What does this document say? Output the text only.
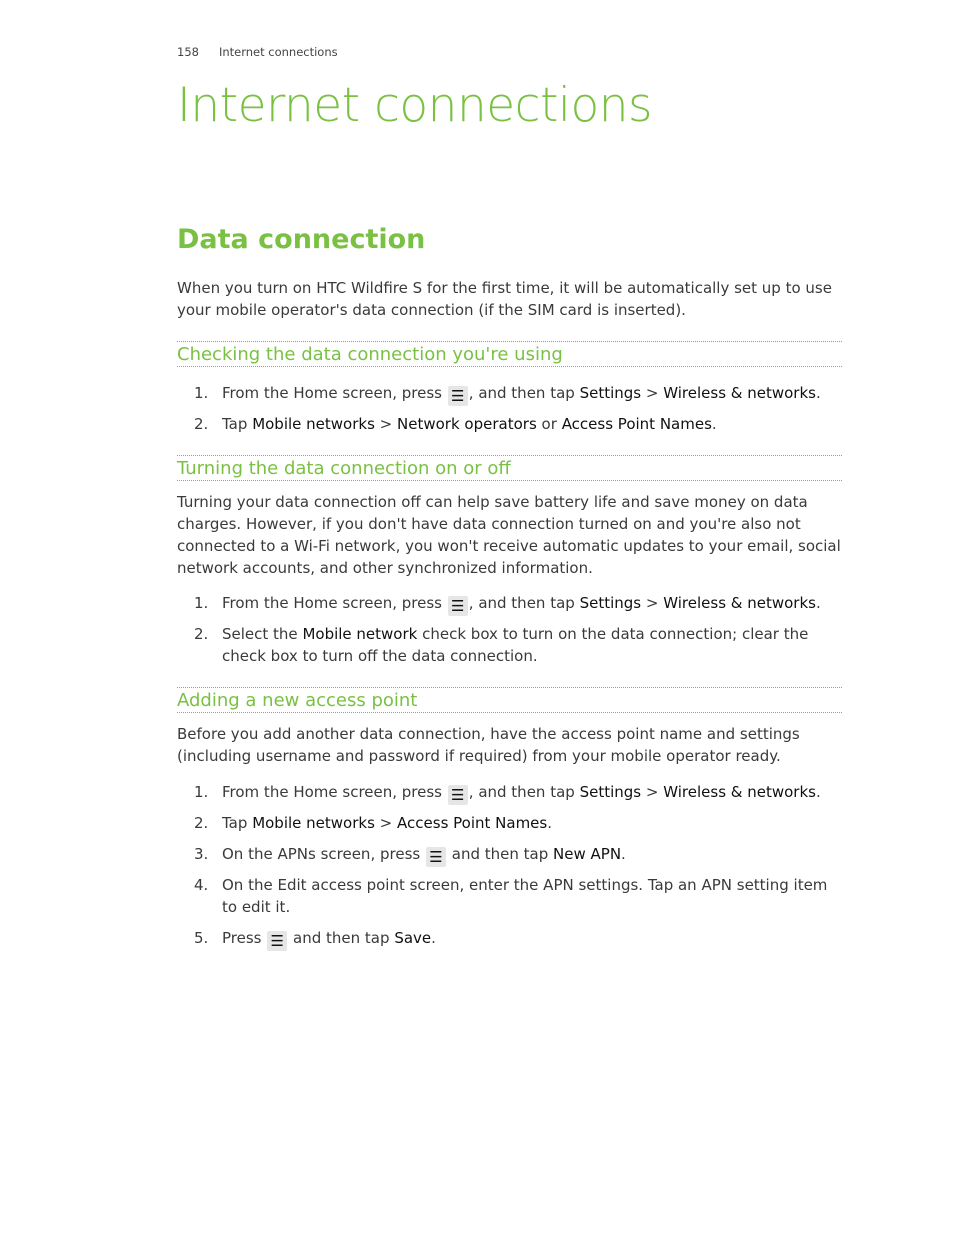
158 Internet connections
Internet connections
Data connection

When you turn on HTC Wildfire S for the first time, it will be automatically set up to use your mobile operator's data connection (if the SIM card is inserted).

Checking the data connection you're using
1. From the Home screen, press ☰ , and then tap Settings > Wireless & networks.
2. Tap Mobile networks > Network operators or Access Point Names.
Turning the data connection on or off

Turning your data connection off can help save battery life and save money on data charges. However, if you don't have data connection turned on and you're also not connected to a Wi-Fi network, you won't receive automatic updates to your email, social network accounts, and other synchronized information.

1. From the Home screen, press ☰ , and then tap Settings > Wireless & networks.
2. Select the Mobile network check box to turn on the data connection; clear the check box to turn off the data connection.
Adding a new access point

Before you add another data connection, have the access point name and settings (including username and password if required) from your mobile operator ready.

1. From the Home screen, press ☰ , and then tap Settings > Wireless & networks.
2. Tap Mobile networks > Access Point Names.
3. On the APNs screen, press ☰ and then tap New APN.
4. On the Edit access point screen, enter the APN settings. Tap an APN setting item to edit it.
5. Press ☰ and then tap Save.
